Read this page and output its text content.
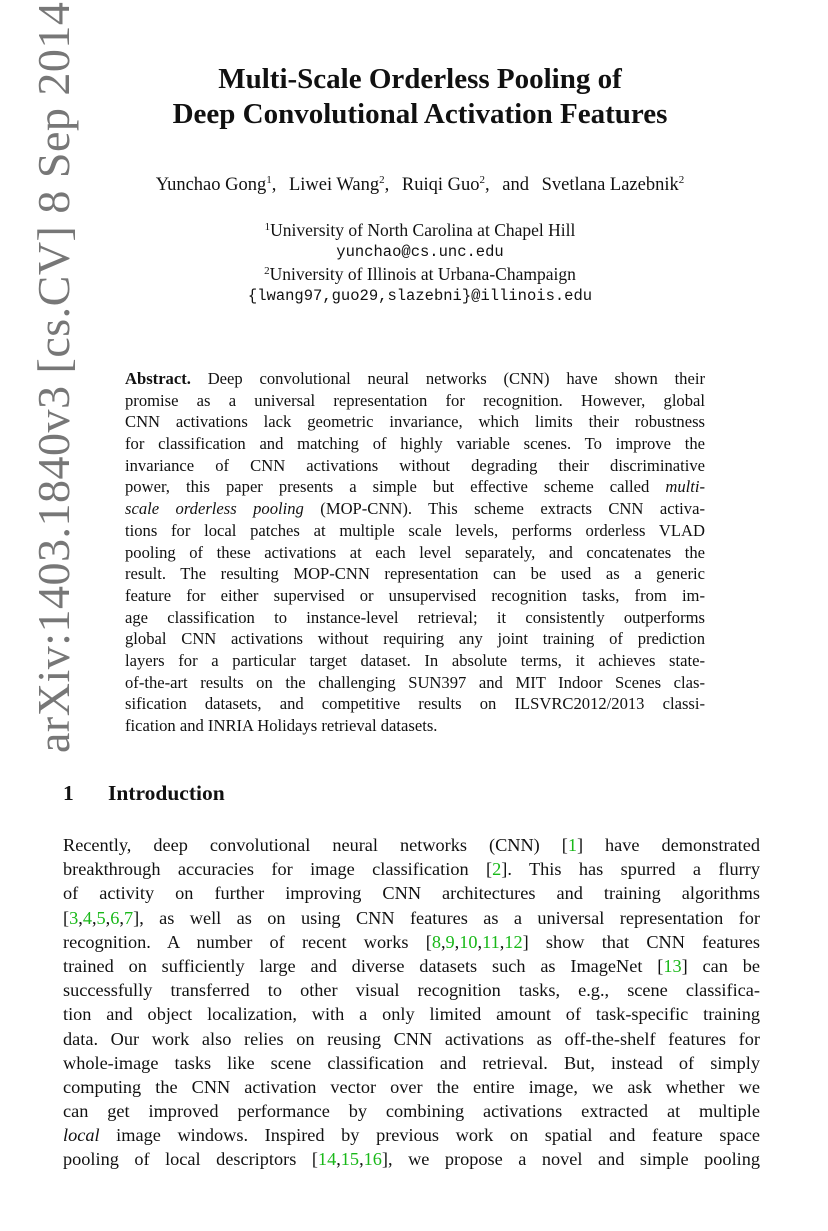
arXiv:1403.1840v3 [cs.CV] 8 Sep 2014	Multi-Scale Orderless Pooling of
Deep Convolutional Activation Features
Yunchao Gong$^1$, Liwei Wang$^2$, Ruiqi Guo$^2$, and Svetlana Lazebnik$^2$
$^1$University of North Carolina at Chapel Hill
yunchao@cs.unc.edu
$^2$University of Illinois at Urbana-Champaign
{lwang97,guo29,slazebni}@illinois.edu
Abstract. Deep convolutional neural networks (CNN) have shown their
promise as a universal representation for recognition. However, global
CNN activations lack geometric invariance, which limits their robustness
for classification and matching of highly variable scenes. To improve the
invariance of CNN activations without degrading their discriminative
power, this paper presents a simple but effective scheme called multi-
scale orderless pooling (MOP-CNN). This scheme extracts CNN activa-
tions for local patches at multiple scale levels, performs orderless VLAD
pooling of these activations at each level separately, and concatenates the
result. The resulting MOP-CNN representation can be used as a generic
feature for either supervised or unsupervised recognition tasks, from im-
age classification to instance-level retrieval; it consistently outperforms
global CNN activations without requiring any joint training of prediction
layers for a particular target dataset. In absolute terms, it achieves state-
of-the-art results on the challenging SUN397 and MIT Indoor Scenes clas-
sification datasets, and competitive results on ILSVRC2012/2013 classi-
fication and INRIA Holidays retrieval datasets.
1 Introduction
Recently, deep convolutional neural networks (CNN) [1] have demonstrated
breakthrough accuracies for image classification [2]. This has spurred a flurry
of activity on further improving CNN architectures and training algorithms
[3,4,5,6,7], as well as on using CNN features as a universal representation for
recognition. A number of recent works [8,9,10,11,12] show that CNN features
trained on sufficiently large and diverse datasets such as ImageNet [13] can be
successfully transferred to other visual recognition tasks, e.g., scene classifica-
tion and object localization, with a only limited amount of task-specific training
data. Our work also relies on reusing CNN activations as off-the-shelf features for
whole-image tasks like scene classification and retrieval. But, instead of simply
computing the CNN activation vector over the entire image, we ask whether we
can get improved performance by combining activations extracted at multiple
local image windows. Inspired by previous work on spatial and feature space
pooling of local descriptors [14,15,16], we propose a novel and simple pooling
